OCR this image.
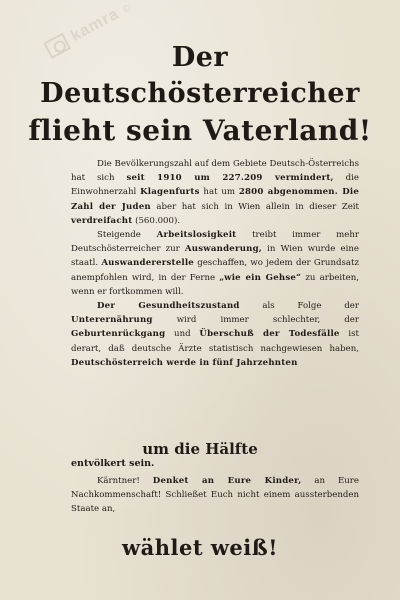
kamra
©
Der
Deutschösterreicher
flieht sein Vaterland!

Die Bevölkerungszahl auf dem Gebiete Deutsch-Österreichs hat sich seit 1910 um 227.209 vermindert, die Einwohnerzahl Klagenfurts hat um 2800 abgenommen. Die Zahl der Juden aber hat sich in Wien allein in dieser Zeit verdreifacht (560.000).

Steigende Arbeitslosigkeit treibt immer mehr Deutschösterreicher zur Auswanderung, in Wien wurde eine staatl. Auswandererstelle geschaffen, wo jedem der Grundsatz anempfohlen wird, in der Ferne „wie ein Gehse“ zu arbeiten, wenn er fortkommen will.

Der Gesundheitszustand als Folge der Unterernährung wird immer schlechter, der Geburtenrückgang und Überschuß der Todesfälle ist derart, daß deutsche Ärzte statistisch nachgewiesen haben, Deutschösterreich werde in fünf Jahrzehnten

um die Hälfte
entvölkert sein.

Kärntner! Denket an Eure Kinder, an Eure Nachkommenschaft! Schließet Euch nicht einem aussterbenden Staate an,

wählet weiß!
